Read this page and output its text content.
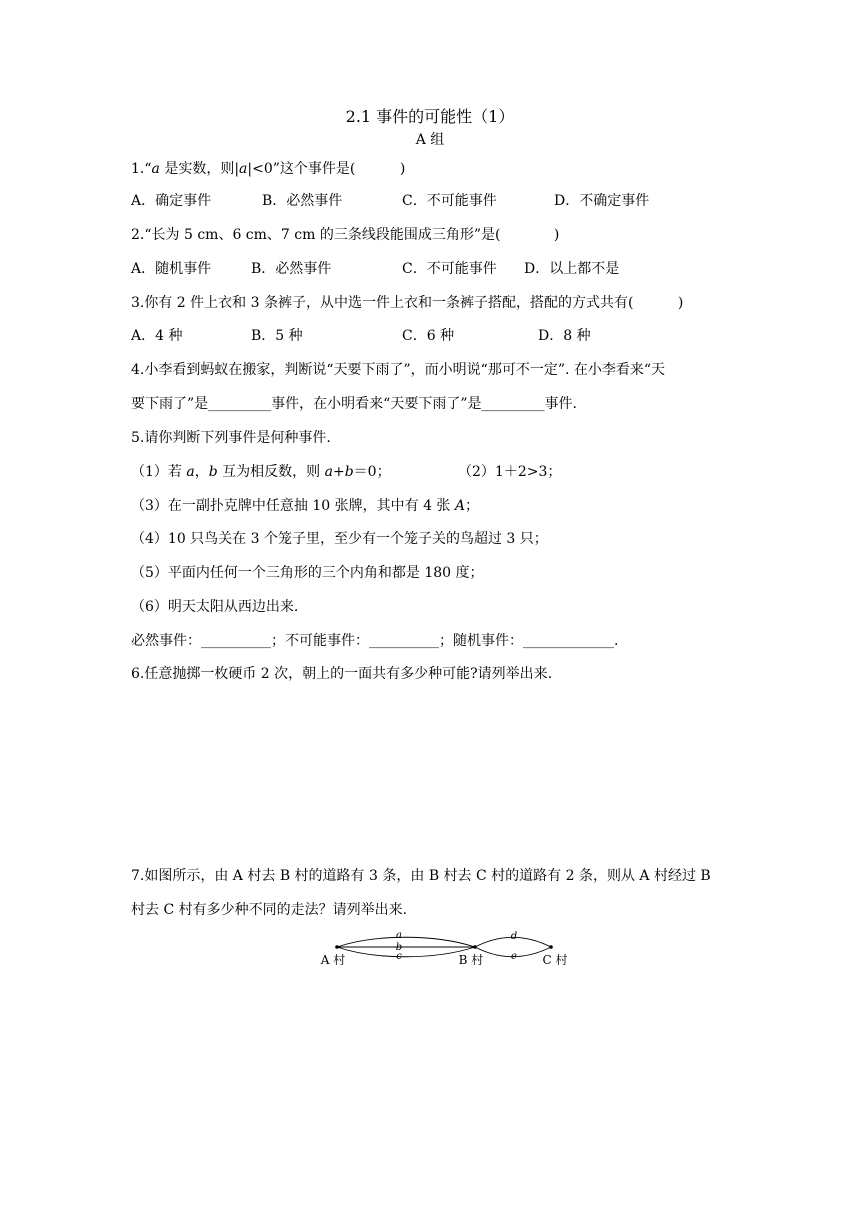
2.1 事件的可能性（1）
A 组
1.“a 是实数，则|a|<0”这个事件是(          )
A．确定事件	B．必然事件	C．不可能事件	D．不确定事件
2.“长为 5 cm、6 cm、7 cm 的三条线段能围成三角形”是(            )
A．随机事件	B．必然事件	C．不可能事件 D．以上都不是
3.你有 2 件上衣和 3 条裤子，从中选一件上衣和一条裤子搭配，搭配的方式共有(          )
A．4 种	B．5 种	C．6 种	D．8 种
4.小李看到蚂蚁在搬家，判断说“天要下雨了”，而小明说“那可不一定”. 在小李看来“天
要下雨了”是_________事件，在小明看来“天要下雨了”是_________事件.
5.请你判断下列事件是何种事件.
（1）若 a，b 互为相反数，则 a+b＝0；	（2）1＋2>3；
（3）在一副扑克牌中任意抽 10 张牌，其中有 4 张 A；
（4）10 只鸟关在 3 个笼子里，至少有一个笼子关的鸟超过 3 只；
（5）平面内任何一个三角形的三个内角和都是 180 度；
（6）明天太阳从西边出来.
必然事件：__________；不可能事件：__________；随机事件：_____________.
6.任意抛掷一枚硬币 2 次，朝上的一面共有多少种可能?请列举出来.
7.如图所示，由 A 村去 B 村的道路有 3 条，由 B 村去 C 村的道路有 2 条，则从 A 村经过 B
村去 C 村有多少种不同的走法？请列举出来.
a
b
c
d
e
A 村	B 村	C 村
